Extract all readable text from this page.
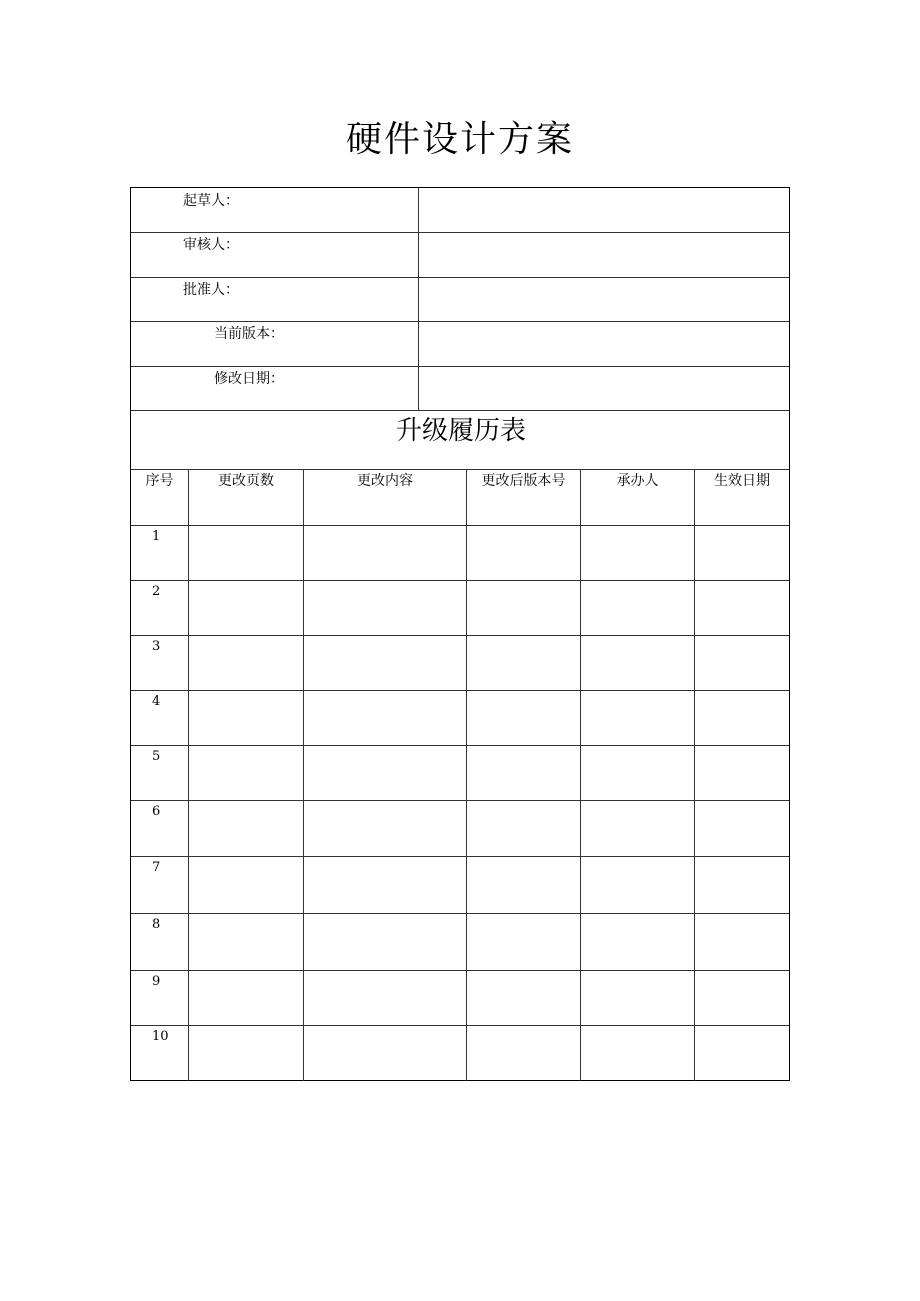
硬件设计方案
起草人：
审核人：
批准人：
当前版本：
修改日期：
升级履历表
序号	更改页数	更改内容	更改后版本号	承办人	生效日期
1
2
3
4
5
6
7
8
9
10
